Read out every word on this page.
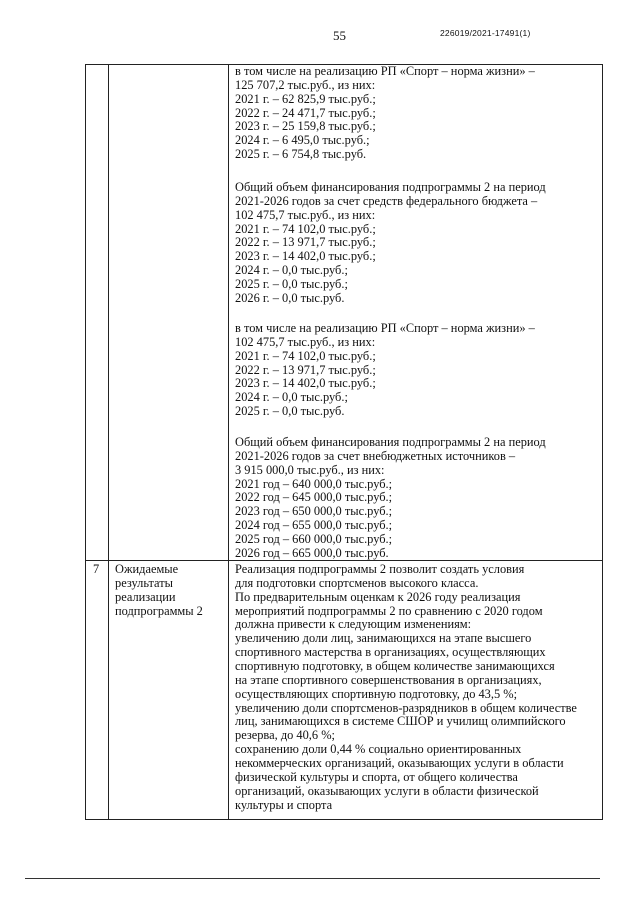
55	226019/2021-17491(1)
в том числе на реализацию РП «Спорт – норма жизни» –
125 707,2 тыс.руб., из них:
2021 г. – 62 825,9 тыс.руб.;
2022 г. – 24 471,7 тыс.руб.;
2023 г. – 25 159,8 тыс.руб.;
2024 г. – 6 495,0 тыс.руб.;
2025 г. – 6 754,8 тыс.руб.
Общий объем финансирования подпрограммы 2 на период
2021-2026 годов за счет средств федерального бюджета –
102 475,7 тыс.руб., из них:
2021 г. – 74 102,0 тыс.руб.;
2022 г. – 13 971,7 тыс.руб.;
2023 г. – 14 402,0 тыс.руб.;
2024 г. – 0,0 тыс.руб.;
2025 г. – 0,0 тыс.руб.;
2026 г. – 0,0 тыс.руб.
в том числе на реализацию РП «Спорт – норма жизни» –
102 475,7 тыс.руб., из них:
2021 г. – 74 102,0 тыс.руб.;
2022 г. – 13 971,7 тыс.руб.;
2023 г. – 14 402,0 тыс.руб.;
2024 г. – 0,0 тыс.руб.;
2025 г. – 0,0 тыс.руб.
Общий объем финансирования подпрограммы 2 на период
2021-2026 годов за счет внебюджетных источников –
3 915 000,0 тыс.руб., из них:
2021 год – 640 000,0 тыс.руб.;
2022 год – 645 000,0 тыс.руб.;
2023 год – 650 000,0 тыс.руб.;
2024 год – 655 000,0 тыс.руб.;
2025 год – 660 000,0 тыс.руб.;
2026 год – 665 000,0 тыс.руб.
7 Ожидаемые
результаты
реализации
подпрограммы 2
Реализация подпрограммы 2 позволит создать условия
для подготовки спортсменов высокого класса.
По предварительным оценкам к 2026 году реализация
мероприятий подпрограммы 2 по сравнению с 2020 годом
должна привести к следующим изменениям:
увеличению доли лиц, занимающихся на этапе высшего
спортивного мастерства в организациях, осуществляющих
спортивную подготовку, в общем количестве занимающихся
на этапе спортивного совершенствования в организациях,
осуществляющих спортивную подготовку, до 43,5 %;
увеличению доли спортсменов-разрядников в общем количестве
лиц, занимающихся в системе СШОР и училищ олимпийского
резерва, до 40,6 %;
сохранению доли 0,44 % социально ориентированных
некоммерческих организаций, оказывающих услуги в области
физической культуры и спорта, от общего количества
организаций, оказывающих услуги в области физической
культуры и спорта
